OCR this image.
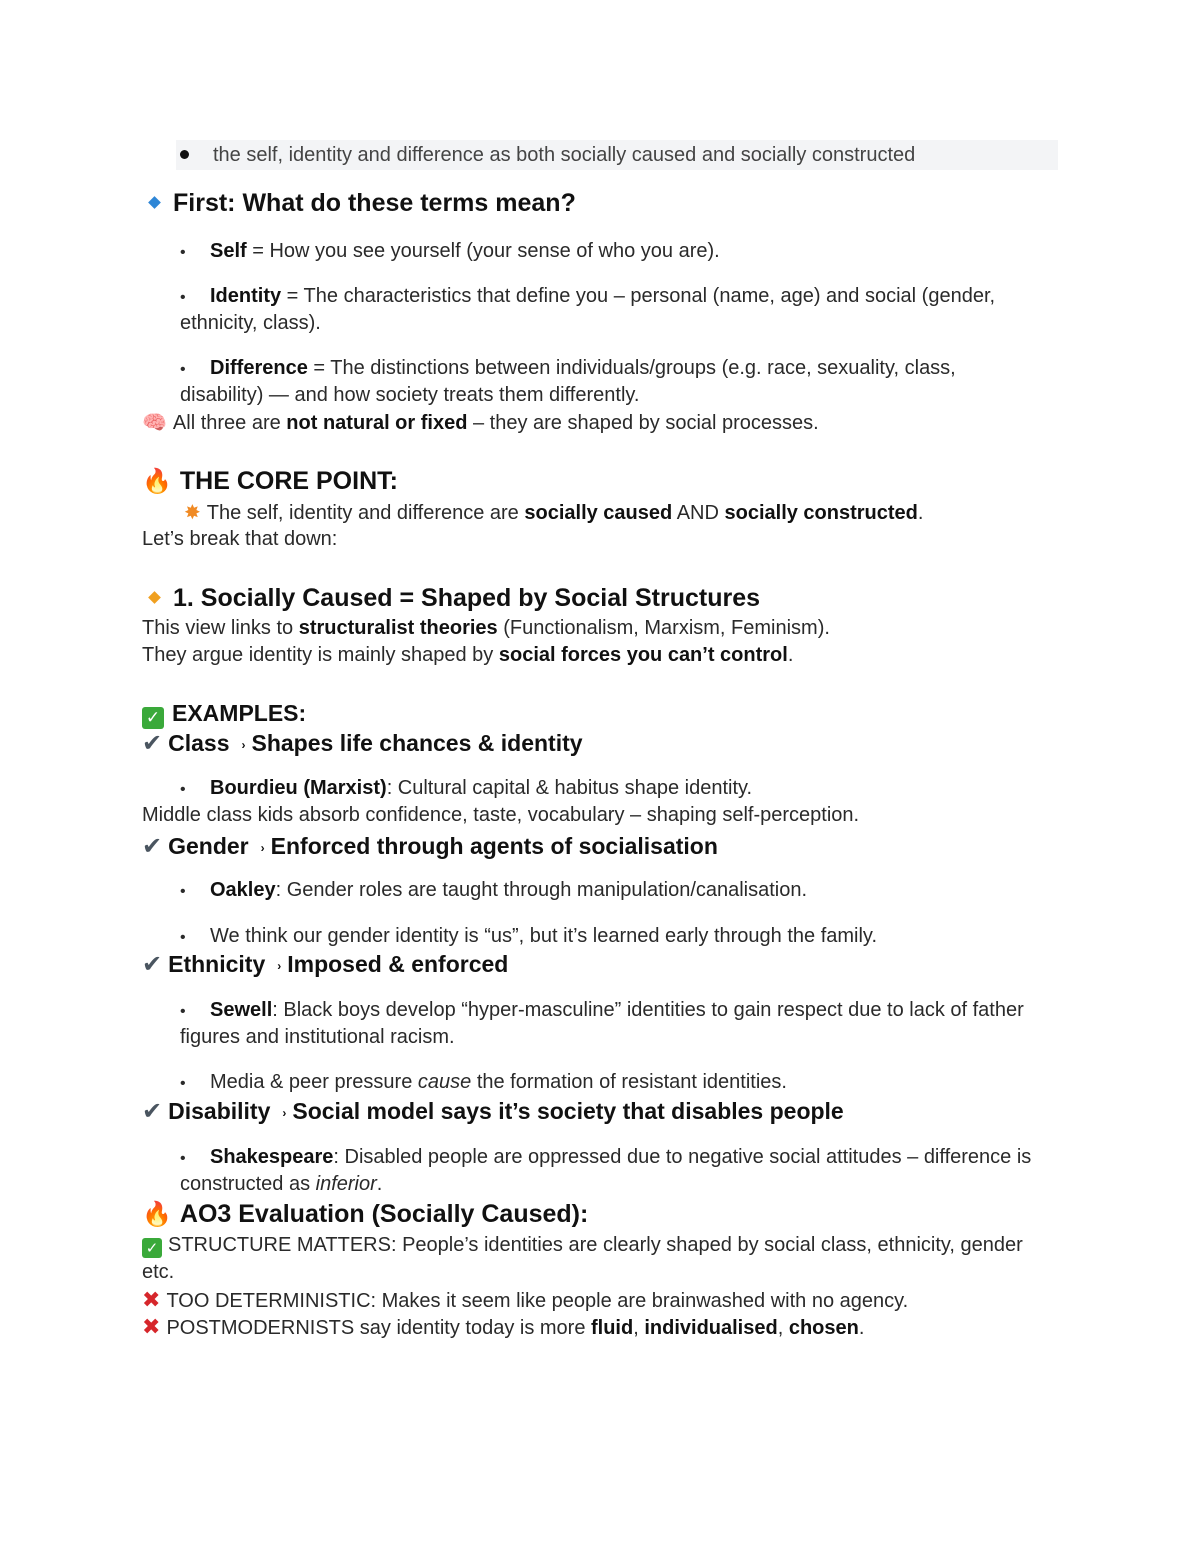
the self, identity and difference as both socially caused and socially constructed
First: What do these terms mean?
• Self = How you see yourself (your sense of who you are).
• Identity = The characteristics that define you – personal (name, age) and social (gender,
ethnicity, class).
• Difference = The distinctions between individuals/groups (e.g. race, sexuality, class,
disability) — and how society treats them differently.
🧠 All three are not natural or fixed – they are shaped by social processes.
🔥 THE CORE POINT:
✸ The self, identity and difference are socially caused AND socially constructed.
Let’s break that down:
1. Socially Caused = Shaped by Social Structures
This view links to structuralist theories (Functionalism, Marxism, Feminism).
They argue identity is mainly shaped by social forces you can’t control.
✓ EXAMPLES:
✔ Class › Shapes life chances & identity
• Bourdieu (Marxist): Cultural capital & habitus shape identity.
Middle class kids absorb confidence, taste, vocabulary – shaping self-perception.
✔ Gender › Enforced through agents of socialisation
• Oakley: Gender roles are taught through manipulation/canalisation.
• We think our gender identity is “us”, but it’s learned early through the family.
✔ Ethnicity › Imposed & enforced
• Sewell: Black boys develop “hyper-masculine” identities to gain respect due to lack of father
figures and institutional racism.
• Media & peer pressure cause the formation of resistant identities.
✔ Disability › Social model says it’s society that disables people
• Shakespeare: Disabled people are oppressed due to negative social attitudes – difference is
constructed as inferior.
🔥 AO3 Evaluation (Socially Caused):
✓ STRUCTURE MATTERS: People’s identities are clearly shaped by social class, ethnicity, gender
etc.
✖ TOO DETERMINISTIC: Makes it seem like people are brainwashed with no agency.
✖ POSTMODERNISTS say identity today is more fluid, individualised, chosen.
